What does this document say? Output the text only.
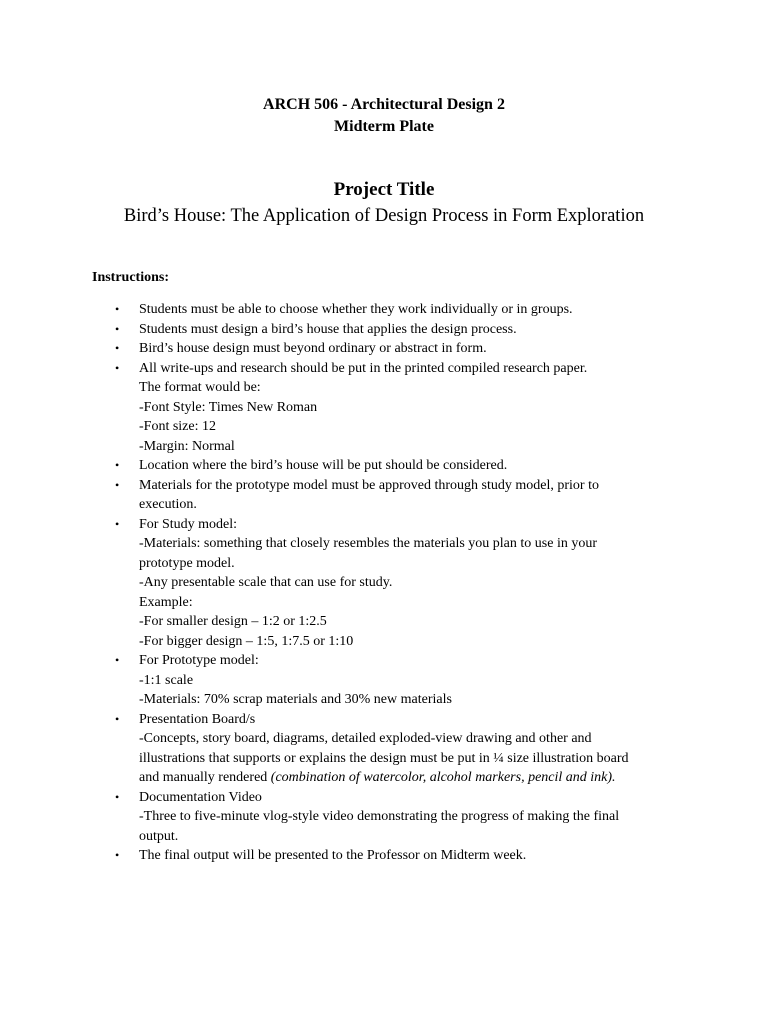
ARCH 506 - Architectural Design 2
Midterm Plate
Project Title
Bird’s House: The Application of Design Process in Form Exploration
Instructions:
• Students must be able to choose whether they work individually or in groups.
• Students must design a bird’s house that applies the design process.
• Bird’s house design must beyond ordinary or abstract in form.
• All write-ups and research should be put in the printed compiled research paper.
The format would be:
-Font Style: Times New Roman
-Font size: 12
-Margin: Normal
• Location where the bird’s house will be put should be considered.
• Materials for the prototype model must be approved through study model, prior to
execution.
• For Study model:
-Materials: something that closely resembles the materials you plan to use in your
prototype model.
-Any presentable scale that can use for study.
Example:
-For smaller design – 1:2 or 1:2.5
-For bigger design – 1:5, 1:7.5 or 1:10
• For Prototype model:
-1:1 scale
-Materials: 70% scrap materials and 30% new materials
• Presentation Board/s
-Concepts, story board, diagrams, detailed exploded-view drawing and other and
illustrations that supports or explains the design must be put in ¼ size illustration board
and manually rendered (combination of watercolor, alcohol markers, pencil and ink).
• Documentation Video
-Three to five-minute vlog-style video demonstrating the progress of making the final
output.
• The final output will be presented to the Professor on Midterm week.
